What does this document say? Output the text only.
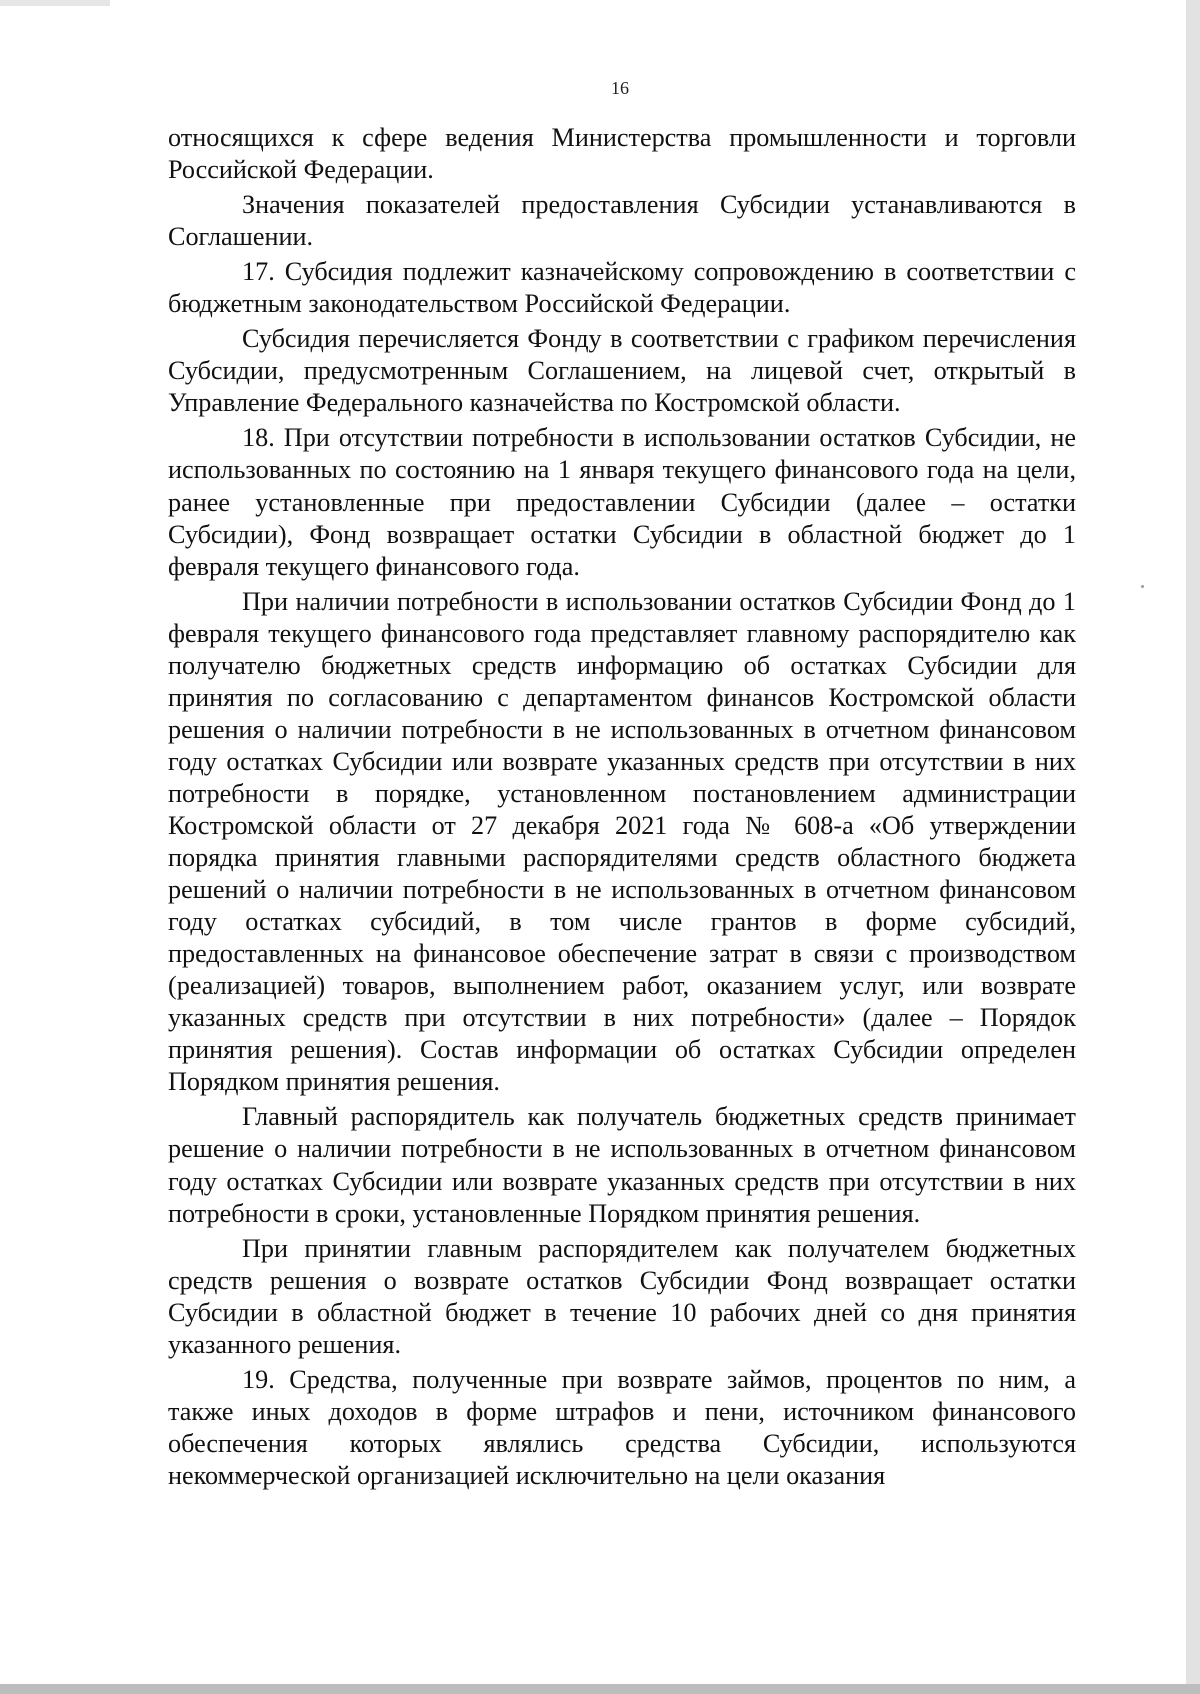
16

относящихся к сфере ведения Министерства промышленности и торговли Российской Федерации.

Значения показателей предоставления Субсидии устанавливаются в Соглашении.

17. Субсидия подлежит казначейскому сопровождению в соответствии с бюджетным законодательством Российской Федерации.

Субсидия перечисляется Фонду в соответствии с графиком перечисления Субсидии, предусмотренным Соглашением, на лицевой счет, открытый в Управление Федерального казначейства по Костромской области.

18. При отсутствии потребности в использовании остатков Субсидии, не использованных по состоянию на 1 января текущего финансового года на цели, ранее установленные при предоставлении Субсидии (далее – остатки Субсидии), Фонд возвращает остатки Субсидии в областной бюджет до 1 февраля текущего финансового года.

При наличии потребности в использовании остатков Субсидии Фонд до 1 февраля текущего финансового года представляет главному распорядителю как получателю бюджетных средств информацию об остатках Субсидии для принятия по согласованию с департаментом финансов Костромской области решения о наличии потребности в не использованных в отчетном финансовом году остатках Субсидии или возврате указанных средств при отсутствии в них потребности в порядке, установленном постановлением администрации Костромской области от 27 декабря 2021 года № 608-а «Об утверждении порядка принятия главными распорядителями средств областного бюджета решений о наличии потребности в не использованных в отчетном финансовом году остатках субсидий, в том числе грантов в форме субсидий, предоставленных на финансовое обеспечение затрат в связи с производством (реализацией) товаров, выполнением работ, оказанием услуг, или возврате указанных средств при отсутствии в них потребности» (далее – Порядок принятия решения). Состав информации об остатках Субсидии определен Порядком принятия решения.

Главный распорядитель как получатель бюджетных средств принимает решение о наличии потребности в не использованных в отчетном финансовом году остатках Субсидии или возврате указанных средств при отсутствии в них потребности в сроки, установленные Порядком принятия решения.

При принятии главным распорядителем как получателем бюджетных средств решения о возврате остатков Субсидии Фонд возвращает остатки Субсидии в областной бюджет в течение 10 рабочих дней со дня принятия указанного решения.

19. Средства, полученные при возврате займов, процентов по ним, а также иных доходов в форме штрафов и пени, источником финансового обеспечения которых являлись средства Субсидии, используются некоммерческой организацией исключительно на цели оказания
